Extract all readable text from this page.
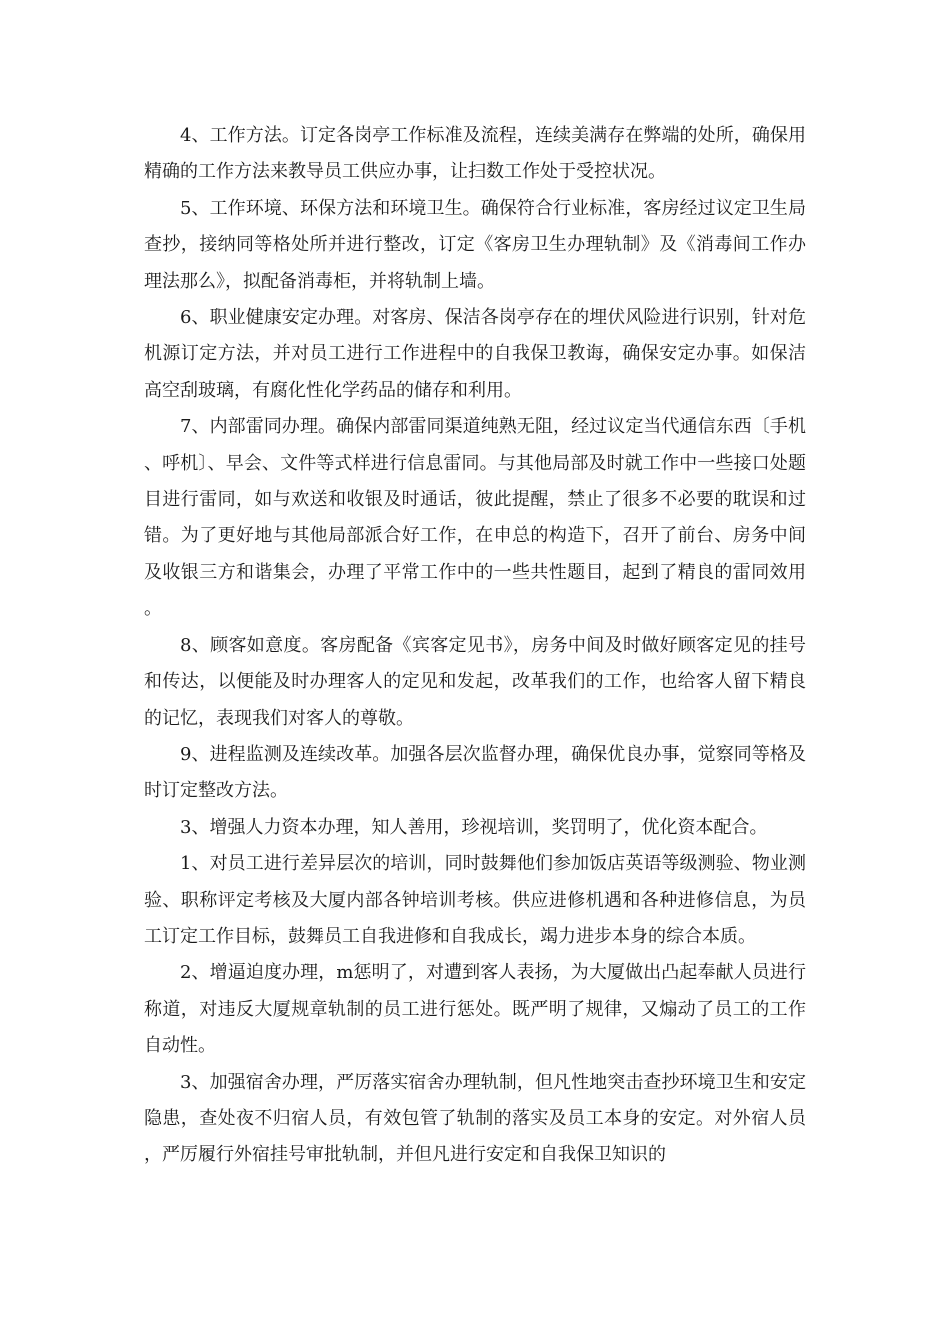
4、工作方法。订定各岗亭工作标准及流程，连续美满存在弊端的处所，确保用精确的工作方法来教导员工供应办事，让扫数工作处于受控状况。

5、工作环境、环保方法和环境卫生。确保符合行业标准，客房经过议定卫生局查抄，接纳同等格处所并进行整改，订定《客房卫生办理轨制》及《消毒间工作办理法那么》，拟配备消毒柜，并将轨制上墙。

6、职业健康安定办理。对客房、保洁各岗亭存在的埋伏风险进行识别，针对危机源订定方法，并对员工进行工作进程中的自我保卫教诲，确保安定办事。如保洁高空刮玻璃，有腐化性化学药品的储存和利用。

7、内部雷同办理。确保内部雷同渠道纯熟无阻，经过议定当代通信东西〔手机、呼机〕、早会、文件等式样进行信息雷同。与其他局部及时就工作中一些接口处题目进行雷同，如与欢送和收银及时通话，彼此提醒，禁止了很多不必要的耽误和过错。为了更好地与其他局部派合好工作，在申总的构造下，召开了前台、房务中间及收银三方和谐集会，办理了平常工作中的一些共性题目，起到了精良的雷同效用。

8、顾客如意度。客房配备《宾客定见书》，房务中间及时做好顾客定见的挂号和传达，以便能及时办理客人的定见和发起，改革我们的工作，也给客人留下精良的记忆，表现我们对客人的尊敬。

9、进程监测及连续改革。加强各层次监督办理，确保优良办事，觉察同等格及时订定整改方法。

3、增强人力资本办理，知人善用，珍视培训，奖罚明了，优化资本配合。

1、对员工进行差异层次的培训，同时鼓舞他们参加饭店英语等级测验、物业测验、职称评定考核及大厦内部各钟培训考核。供应进修机遇和各种进修信息，为员工订定工作目标，鼓舞员工自我进修和自我成长，竭力进步本身的综合本质。

2、增逼迫度办理，m惩明了，对遭到客人表扬，为大厦做出凸起奉献人员进行称道，对违反大厦规章轨制的员工进行惩处。既严明了规律，又煽动了员工的工作自动性。

3、加强宿舍办理，严厉落实宿舍办理轨制，但凡性地突击查抄环境卫生和安定隐患，查处夜不归宿人员，有效包管了轨制的落实及员工本身的安定。对外宿人员，严厉履行外宿挂号审批轨制，并但凡进行安定和自我保卫知识的
